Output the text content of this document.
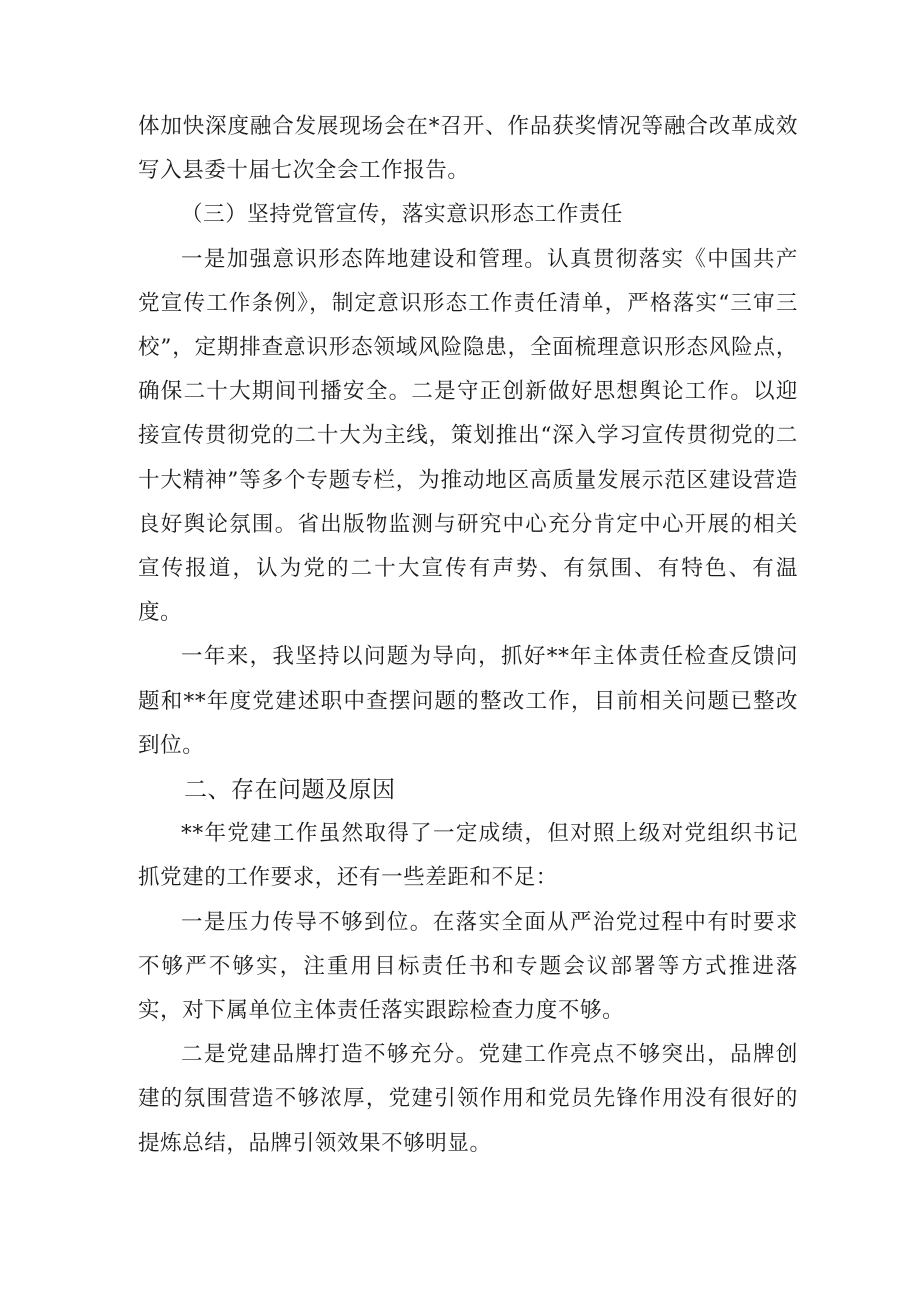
体加快深度融合发展现场会在*召开、作品获奖情况等融合改革成效写入县委十届七次全会工作报告。

（三）坚持党管宣传，落实意识形态工作责任

一是加强意识形态阵地建设和管理。认真贯彻落实《中国共产党宣传工作条例》，制定意识形态工作责任清单，严格落实“三审三校”，定期排查意识形态领域风险隐患，全面梳理意识形态风险点，确保二十大期间刊播安全。二是守正创新做好思想舆论工作。以迎接宣传贯彻党的二十大为主线，策划推出“深入学习宣传贯彻党的二十大精神”等多个专题专栏，为推动地区高质量发展示范区建设营造良好舆论氛围。省出版物监测与研究中心充分肯定中心开展的相关宣传报道，认为党的二十大宣传有声势、有氛围、有特色、有温度。

一年来，我坚持以问题为导向，抓好**年主体责任检查反馈问题和**年度党建述职中查摆问题的整改工作，目前相关问题已整改到位。

二、存在问题及原因

**年党建工作虽然取得了一定成绩，但对照上级对党组织书记抓党建的工作要求，还有一些差距和不足：

一是压力传导不够到位。在落实全面从严治党过程中有时要求不够严不够实，注重用目标责任书和专题会议部署等方式推进落实，对下属单位主体责任落实跟踪检查力度不够。

二是党建品牌打造不够充分。党建工作亮点不够突出，品牌创建的氛围营造不够浓厚，党建引领作用和党员先锋作用没有很好的提炼总结，品牌引领效果不够明显。
